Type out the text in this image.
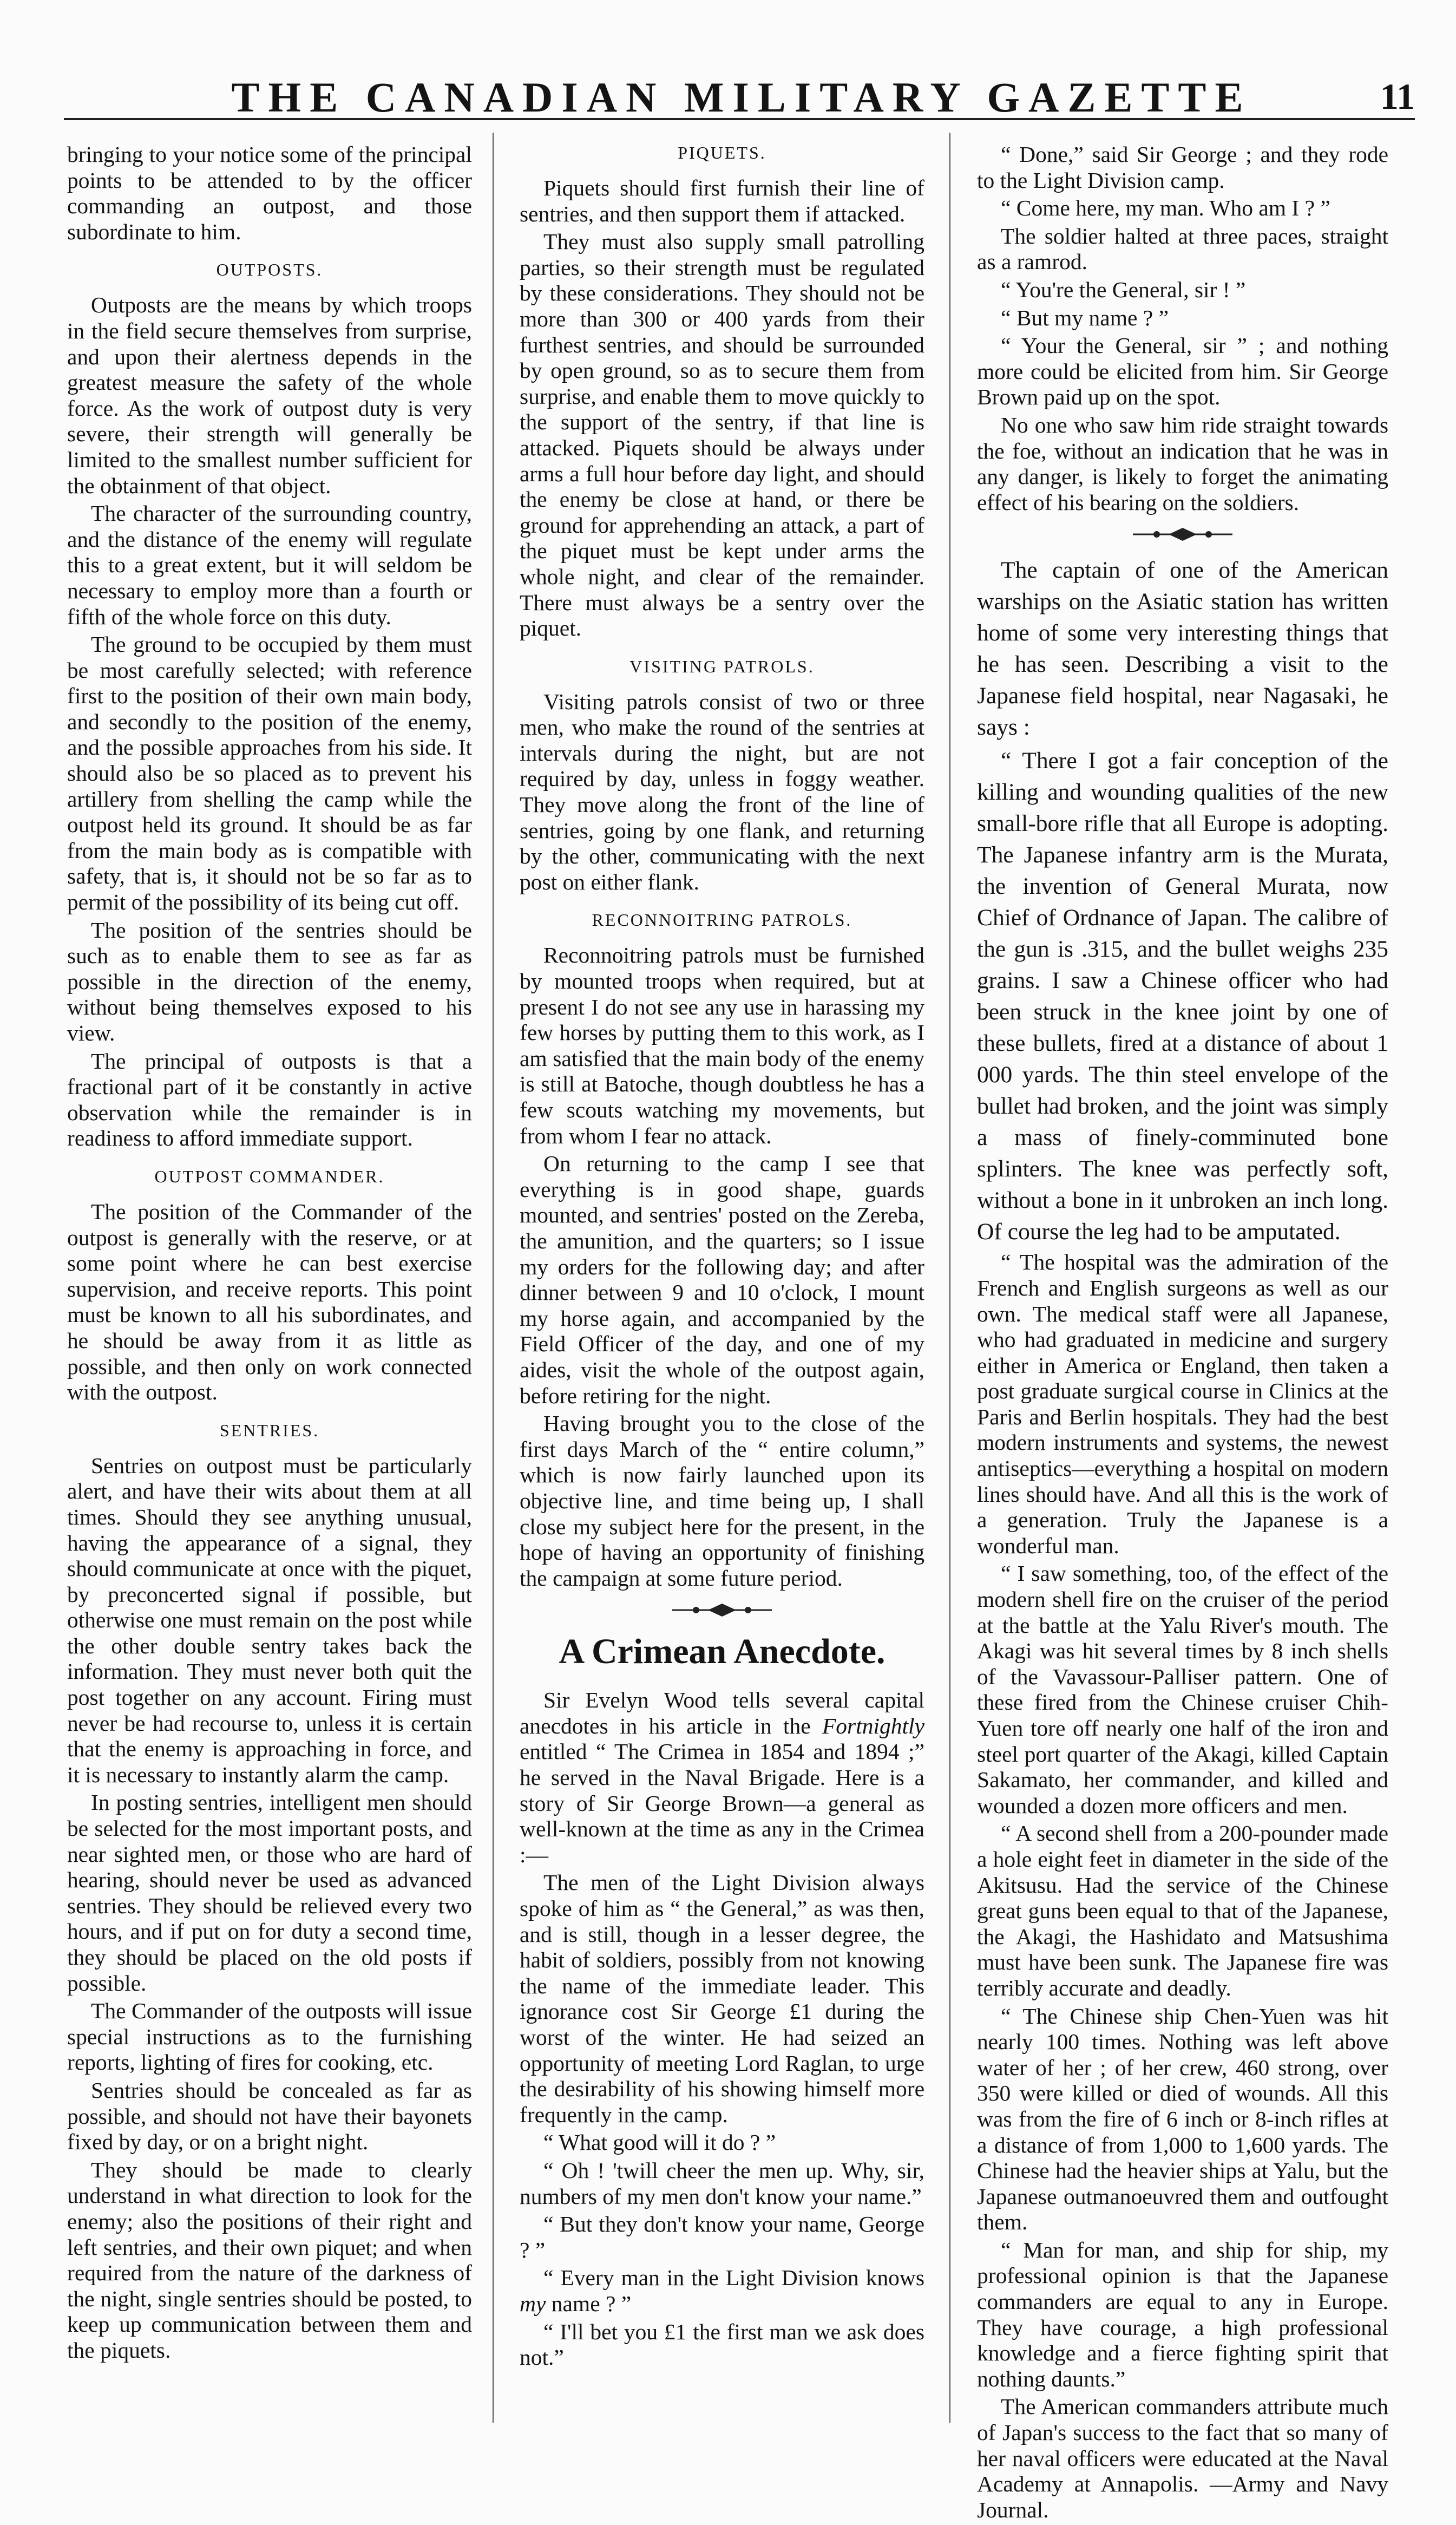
THE CANADIAN MILITARY GAZETTE	11

bringing to your notice some of the principal points to be attended to by the officer commanding an outpost, and those subordinate to him.

OUTPOSTS.

Outposts are the means by which troops in the field secure themselves from surprise, and upon their alertness depends in the greatest measure the safety of the whole force. As the work of outpost duty is very severe, their strength will generally be limited to the smallest number sufficient for the obtainment of that object.

The character of the surrounding country, and the distance of the enemy will regulate this to a great extent, but it will seldom be necessary to employ more than a fourth or fifth of the whole force on this duty.

The ground to be occupied by them must be most carefully selected; with reference first to the position of their own main body, and secondly to the position of the enemy, and the possible approaches from his side. It should also be so placed as to prevent his artillery from shelling the camp while the outpost held its ground. It should be as far from the main body as is compatible with safety, that is, it should not be so far as to permit of the possibility of its being cut off.

The position of the sentries should be such as to enable them to see as far as possible in the direction of the enemy, without being themselves exposed to his view.

The principal of outposts is that a fractional part of it be constantly in active observation while the remainder is in readiness to afford immediate support.

OUTPOST COMMANDER.

The position of the Commander of the outpost is generally with the reserve, or at some point where he can best exercise supervision, and receive reports. This point must be known to all his subordinates, and he should be away from it as little as possible, and then only on work connected with the outpost.

SENTRIES.

Sentries on outpost must be particularly alert, and have their wits about them at all times. Should they see anything unusual, having the appearance of a signal, they should communicate at once with the piquet, by preconcerted signal if possible, but otherwise one must remain on the post while the other double sentry takes back the information. They must never both quit the post together on any account. Firing must never be had recourse to, unless it is certain that the enemy is approaching in force, and it is necessary to instantly alarm the camp.

In posting sentries, intelligent men should be selected for the most important posts, and near sighted men, or those who are hard of hearing, should never be used as advanced sentries. They should be relieved every two hours, and if put on for duty a second time, they should be placed on the old posts if possible.

The Commander of the outposts will issue special instructions as to the furnishing reports, lighting of fires for cooking, etc.

Sentries should be concealed as far as possible, and should not have their bayonets fixed by day, or on a bright night.

They should be made to clearly understand in what direction to look for the enemy; also the positions of their right and left sentries, and their own piquet; and when required from the nature of the darkness of the night, single sentries should be posted, to keep up communication between them and the piquets.

PIQUETS.

Piquets should first furnish their line of sentries, and then support them if attacked.

They must also supply small patrolling parties, so their strength must be regulated by these considerations. They should not be more than 300 or 400 yards from their furthest sentries, and should be surrounded by open ground, so as to secure them from surprise, and enable them to move quickly to the support of the sentry, if that line is attacked. Piquets should be always under arms a full hour before day light, and should the enemy be close at hand, or there be ground for apprehending an attack, a part of the piquet must be kept under arms the whole night, and clear of the remainder. There must always be a sentry over the piquet.

VISITING PATROLS.

Visiting patrols consist of two or three men, who make the round of the sentries at intervals during the night, but are not required by day, unless in foggy weather. They move along the front of the line of sentries, going by one flank, and returning by the other, communicating with the next post on either flank.

RECONNOITRING PATROLS.

Reconnoitring patrols must be furnished by mounted troops when required, but at present I do not see any use in harassing my few horses by putting them to this work, as I am satisfied that the main body of the enemy is still at Batoche, though doubtless he has a few scouts watching my movements, but from whom I fear no attack.

On returning to the camp I see that everything is in good shape, guards mounted, and sentries' posted on the Zereba, the amunition, and the quarters; so I issue my orders for the following day; and after dinner between 9 and 10 o'clock, I mount my horse again, and accompanied by the Field Officer of the day, and one of my aides, visit the whole of the outpost again, before retiring for the night.

Having brought you to the close of the first days March of the “ entire column,” which is now fairly launched upon its objective line, and time being up, I shall close my subject here for the present, in the hope of having an opportunity of finishing the campaign at some future period.

A Crimean Anecdote.

Sir Evelyn Wood tells several capital anecdotes in his article in the Fortnightly entitled “ The Crimea in 1854 and 1894 ;” he served in the Naval Brigade. Here is a story of Sir George Brown—a general as well-known at the time as any in the Crimea :—

The men of the Light Division always spoke of him as “ the General,” as was then, and is still, though in a lesser degree, the habit of soldiers, possibly from not knowing the name of the immediate leader. This ignorance cost Sir George £1 during the worst of the winter. He had seized an opportunity of meeting Lord Raglan, to urge the desirability of his showing himself more frequently in the camp.

“ What good will it do ? ”

“ Oh ! 'twill cheer the men up. Why, sir, numbers of my men don't know your name.”

“ But they don't know your name, George ? ”

“ Every man in the Light Division knows my name ? ”

“ I'll bet you £1 the first man we ask does not.”

“ Done,” said Sir George ; and they rode to the Light Division camp.

“ Come here, my man. Who am I ? ”

The soldier halted at three paces, straight as a ramrod.

“ You're the General, sir ! ”

“ But my name ? ”

“ Your the General, sir ” ; and nothing more could be elicited from him. Sir George Brown paid up on the spot.

No one who saw him ride straight towards the foe, without an indication that he was in any danger, is likely to forget the animating effect of his bearing on the soldiers.

The captain of one of the American warships on the Asiatic station has written home of some very interesting things that he has seen. Describing a visit to the Japanese field hospital, near Nagasaki, he says :

“ There I got a fair conception of the killing and wounding qualities of the new small-bore rifle that all Europe is adopting. The Japanese infantry arm is the Murata, the invention of General Murata, now Chief of Ordnance of Japan. The calibre of the gun is .315, and the bullet weighs 235 grains. I saw a Chinese officer who had been struck in the knee joint by one of these bullets, fired at a distance of about 1 000 yards. The thin steel envelope of the bullet had broken, and the joint was simply a mass of finely-comminuted bone splinters. The knee was perfectly soft, without a bone in it unbroken an inch long. Of course the leg had to be amputated.

“ The hospital was the admiration of the French and English surgeons as well as our own. The medical staff were all Japanese, who had graduated in medicine and surgery either in America or England, then taken a post graduate surgical course in Clinics at the Paris and Berlin hospitals. They had the best modern instruments and systems, the newest antiseptics—everything a hospital on modern lines should have. And all this is the work of a generation. Truly the Japanese is a wonderful man.

“ I saw something, too, of the effect of the modern shell fire on the cruiser of the period at the battle at the Yalu River's mouth. The Akagi was hit several times by 8 inch shells of the Vavassour-Palliser pattern. One of these fired from the Chinese cruiser Chih-Yuen tore off nearly one half of the iron and steel port quarter of the Akagi, killed Captain Sakamato, her commander, and killed and wounded a dozen more officers and men.

“ A second shell from a 200-pounder made a hole eight feet in diameter in the side of the Akitsusu. Had the service of the Chinese great guns been equal to that of the Japanese, the Akagi, the Hashidato and Matsushima must have been sunk. The Japanese fire was terribly accurate and deadly.

“ The Chinese ship Chen-Yuen was hit nearly 100 times. Nothing was left above water of her ; of her crew, 460 strong, over 350 were killed or died of wounds. All this was from the fire of 6 inch or 8-inch rifles at a distance of from 1,000 to 1,600 yards. The Chinese had the heavier ships at Yalu, but the Japanese outmanoeuvred them and outfought them.

“ Man for man, and ship for ship, my professional opinion is that the Japanese commanders are equal to any in Europe. They have courage, a high professional knowledge and a fierce fighting spirit that nothing daunts.”

The American commanders attribute much of Japan's success to the fact that so many of her naval officers were educated at the Naval Academy at Annapolis. —Army and Navy Journal.
